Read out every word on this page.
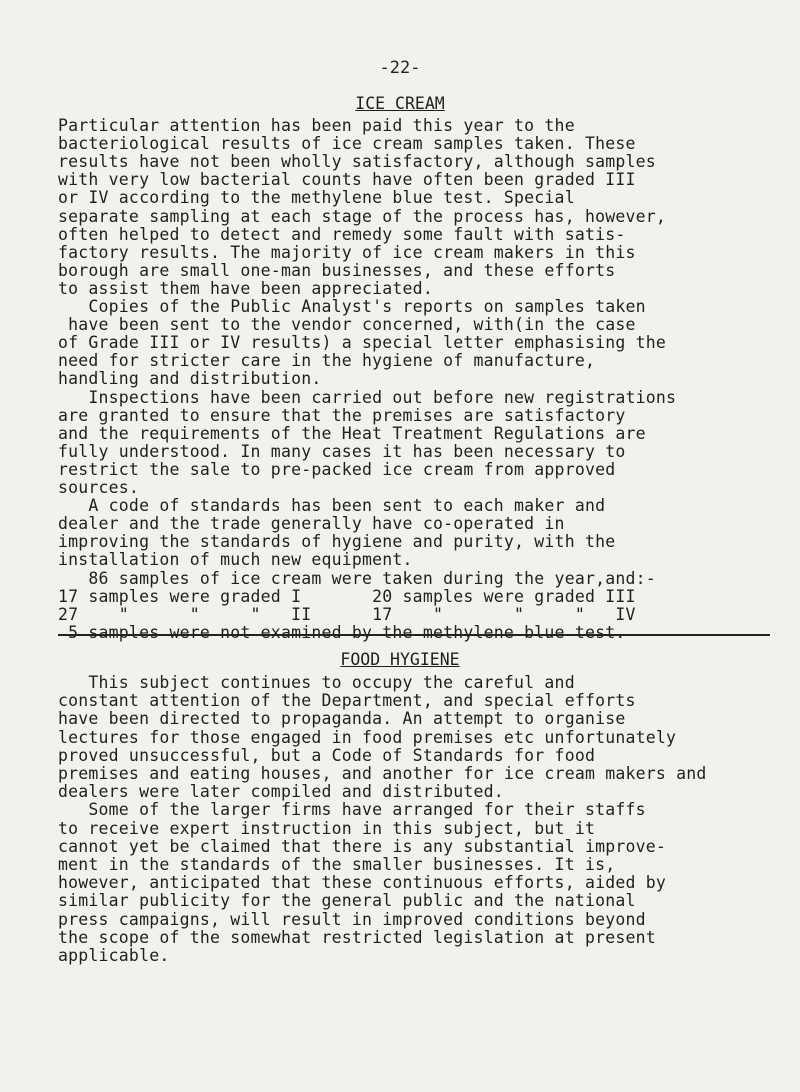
-22-
ICE CREAM
Particular attention has been paid this year to the
bacteriological results of ice cream samples taken. These
results have not been wholly satisfactory, although samples
with very low bacterial counts have often been graded III
or IV according to the methylene blue test. Special
separate sampling at each stage of the process has, however,
often helped to detect and remedy some fault with satis-
factory results. The majority of ice cream makers in this
borough are small one-man businesses, and these efforts
to assist them have been appreciated.
Copies of the Public Analyst's reports on samples taken
have been sent to the vendor concerned, with(in the case
of Grade III or IV results) a special letter emphasising the
need for stricter care in the hygiene of manufacture,
handling and distribution.
Inspections have been carried out before new registrations
are granted to ensure that the premises are satisfactory
and the requirements of the Heat Treatment Regulations are
fully understood. In many cases it has been necessary to
restrict the sale to pre-packed ice cream from approved
sources.
A code of standards has been sent to each maker and
dealer and the trade generally have co-operated in
improving the standards of hygiene and purity, with the
installation of much new equipment.
86 samples of ice cream were taken during the year,and:-
17 samples were graded I       20 samples were graded III
27    "      "     "   II      17    "       "     "   IV
5 samples were not examined by the methylene blue test.
FOOD HYGIENE
This subject continues to occupy the careful and
constant attention of the Department, and special efforts
have been directed to propaganda. An attempt to organise
lectures for those engaged in food premises etc unfortunately
proved unsuccessful, but a Code of Standards for food
premises and eating houses, and another for ice cream makers and
dealers were later compiled and distributed.
Some of the larger firms have arranged for their staffs
to receive expert instruction in this subject, but it
cannot yet be claimed that there is any substantial improve-
ment in the standards of the smaller businesses. It is,
however, anticipated that these continuous efforts, aided by
similar publicity for the general public and the national
press campaigns, will result in improved conditions beyond
the scope of the somewhat restricted legislation at present
applicable.
